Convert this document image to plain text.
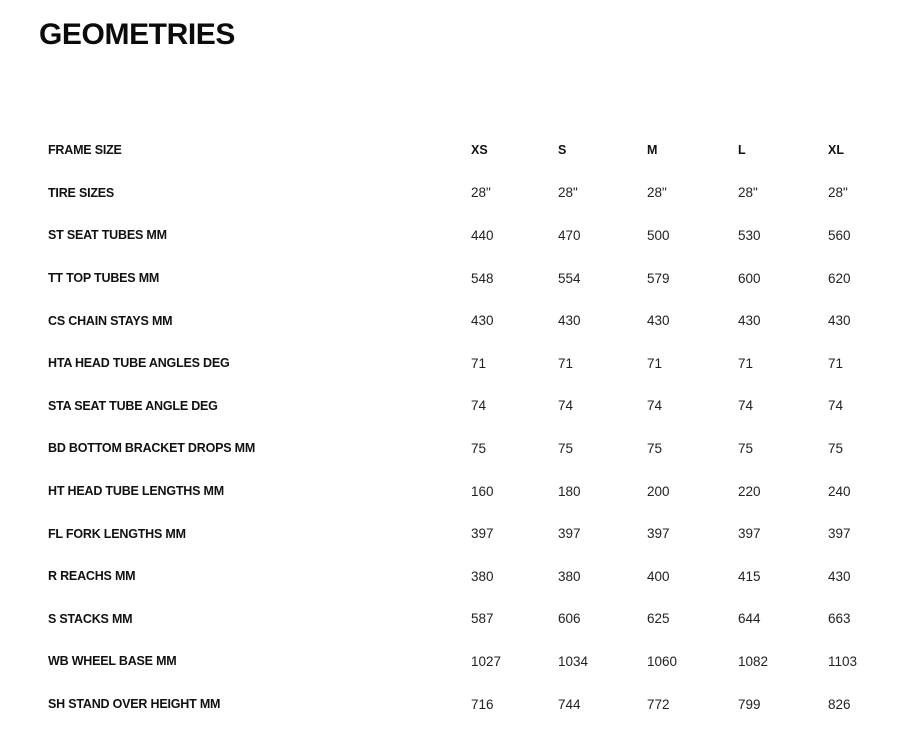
GEOMETRIES
FRAME SIZE	XS	S	M	L	XL
TIRE SIZES	28"	28"	28"	28"	28"
ST SEAT TUBES MM	440	470	500	530	560
TT TOP TUBES MM	548	554	579	600	620
CS CHAIN STAYS MM	430	430	430	430	430
HTA HEAD TUBE ANGLES DEG	71	71	71	71	71
STA SEAT TUBE ANGLE DEG	74	74	74	74	74
BD BOTTOM BRACKET DROPS MM	75	75	75	75	75
HT HEAD TUBE LENGTHS MM	160	180	200	220	240
FL FORK LENGTHS MM	397	397	397	397	397
R REACHS MM	380	380	400	415	430
S STACKS MM	587	606	625	644	663
WB WHEEL BASE MM	1027	1034	1060	1082	1103
SH STAND OVER HEIGHT MM	716	744	772	799	826
